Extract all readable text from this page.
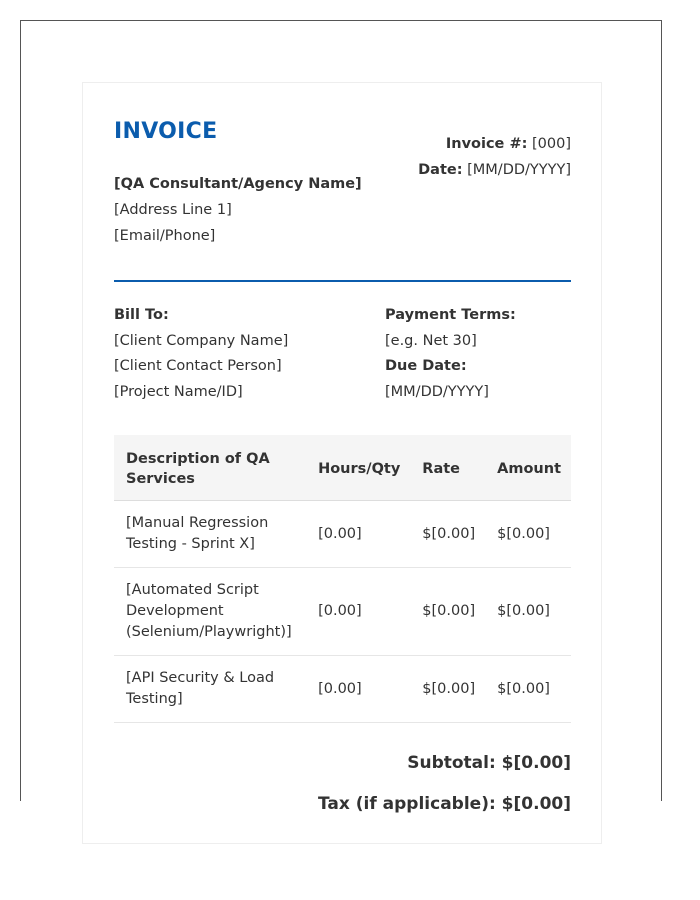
INVOICE
[QA Consultant/Agency Name]
[Address Line 1]
[Email/Phone]
Invoice #: [000]
Date: [MM/DD/YYYY]
Bill To:
[Client Company Name]
[Client Contact Person]
[Project Name/ID]
Payment Terms:
[e.g. Net 30]
Due Date: [MM/DD/YYYY]
Description of QA Services	Hours/Qty	Rate	Amount
[Manual Regression Testing - Sprint X]	[0.00]	$[0.00]	$[0.00]
[Automated Script Development (Selenium/Playwright)]	[0.00]	$[0.00]	$[0.00]
[API Security & Load Testing]	[0.00]	$[0.00]	$[0.00]
Subtotal: $[0.00]
Tax (if applicable): $[0.00]
